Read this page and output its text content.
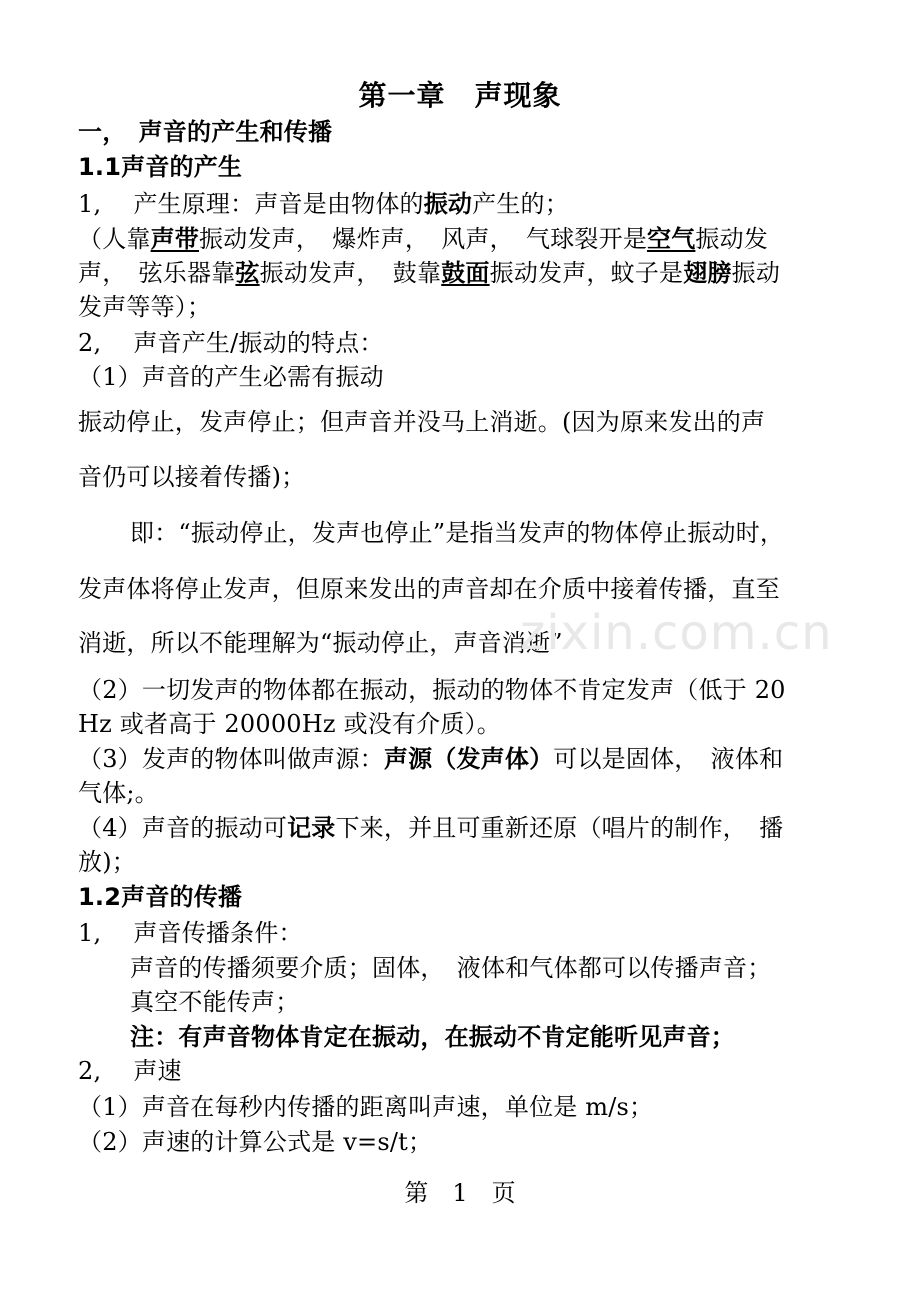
第一章　声现象
一，　声音的产生和传播
1.1声音的产生
1,　 产生原理：声音是由物体的振动产生的；
（人靠声带振动发声，　爆炸声，　风声，　气球裂开是空气振动发
声，　弦乐器靠弦振动发声，　鼓靠鼓面振动发声，蚊子是翅膀振动
发声等等）；
2,　 声音产生/振动的特点：
（1）声音的产生必需有振动
振动停止，发声停止；但声音并没马上消逝。(因为原来发出的声
音仍可以接着传播)；
即：“振动停止，发声也停止”是指当发声的物体停止振动时，
发声体将停止发声，但原来发出的声音却在介质中接着传播，直至
消逝，所以不能理解为“振动停止，声音消逝”
（2）一切发声的物体都在振动，振动的物体不肯定发声（低于 20
Hz 或者高于 20000Hz 或没有介质）。
（3）发声的物体叫做声源：声源（发声体）可以是固体，　液体和
气体;。
（4）声音的振动可记录下来，并且可重新还原（唱片的制作，　播
放)；
1.2声音的传播
1,　 声音传播条件：
声音的传播须要介质；固体，　液体和气体都可以传播声音；
真空不能传声；
注：有声音物体肯定在振动，在振动不肯定能听见声音；
2,　 声速
（1）声音在每秒内传播的距离叫声速，单位是 m/s；
（2）声速的计算公式是 v=s/t；
zixin.com.cn
第　1　页
